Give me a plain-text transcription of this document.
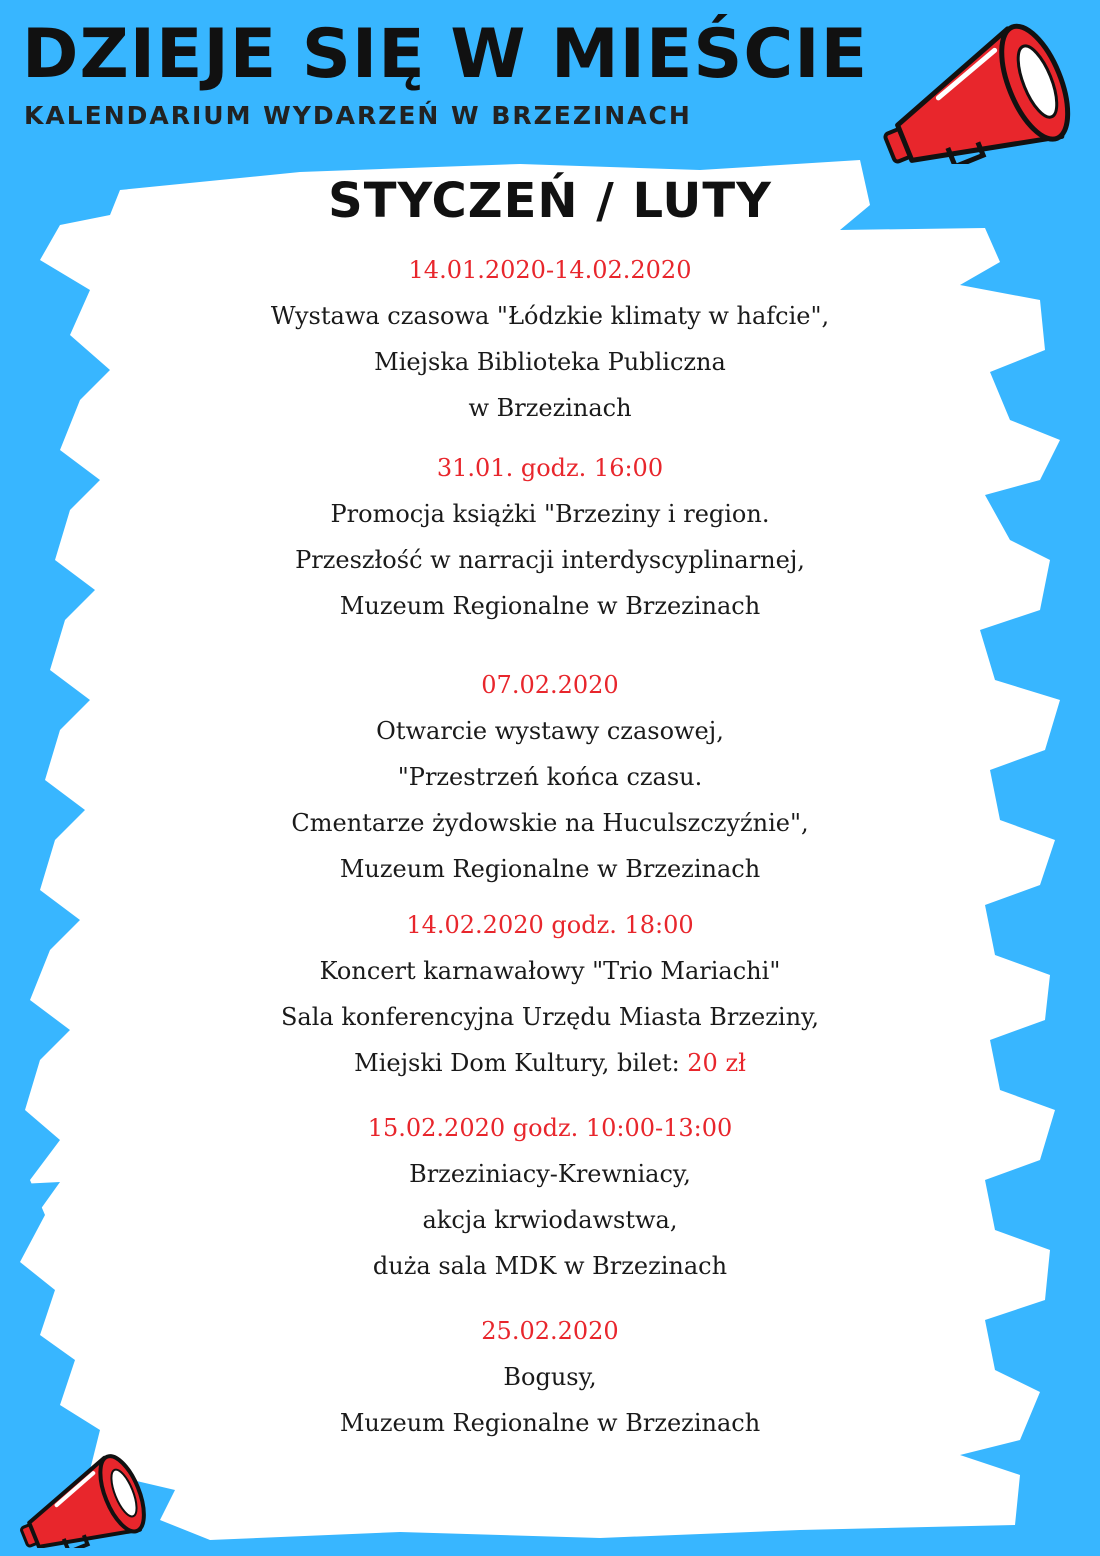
DZIEJE SIĘ W MIEŚCIE
KALENDARIUM WYDARZEŃ W BRZEZINACH
STYCZEŃ / LUTY
14.01.2020-14.02.2020
Wystawa czasowa "Łódzkie klimaty w hafcie",
Miejska Biblioteka Publiczna
w Brzezinach
31.01. godz. 16:00
Promocja książki "Brzeziny i region.
Przeszłość w narracji interdyscyplinarnej,
Muzeum Regionalne w Brzezinach
07.02.2020
Otwarcie wystawy czasowej,
"Przestrzeń końca czasu.
Cmentarze żydowskie na Huculszczyźnie",
Muzeum Regionalne w Brzezinach
14.02.2020 godz. 18:00
Koncert karnawałowy "Trio Mariachi"
Sala konferencyjna Urzędu Miasta Brzeziny,
Miejski Dom Kultury, bilet: 20 zł
15.02.2020 godz. 10:00-13:00
Brzeziniacy-Krewniacy,
akcja krwiodawstwa,
duża sala MDK w Brzezinach
25.02.2020
Bogusy,
Muzeum Regionalne w Brzezinach
